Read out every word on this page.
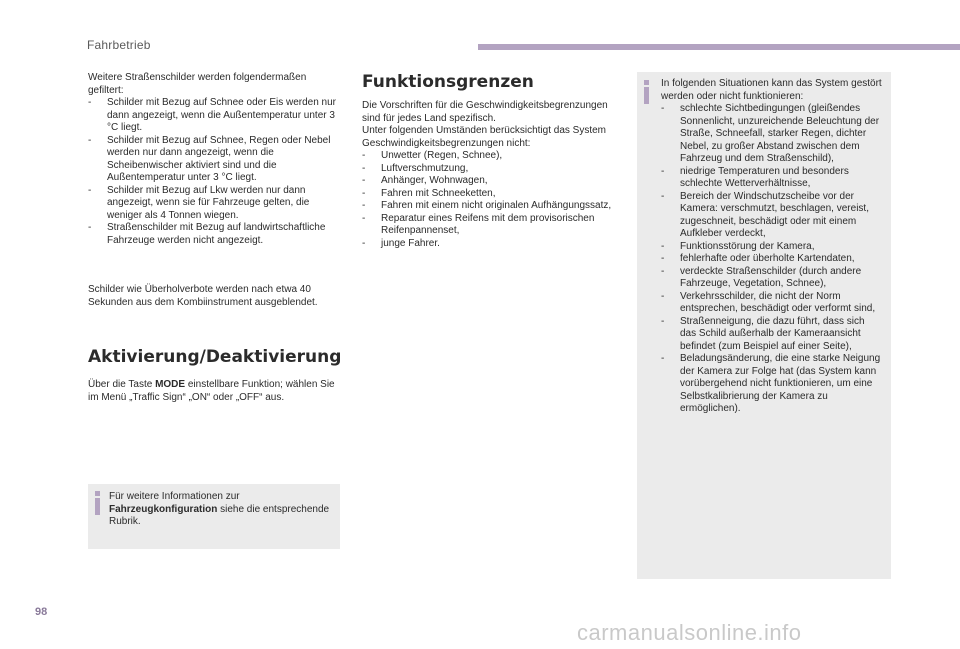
Fahrbetrieb

Weitere Straßenschilder werden folgendermaßen gefiltert:

- Schilder mit Bezug auf Schnee oder Eis werden nur dann angezeigt, wenn die Außentemperatur unter 3 °C liegt.
- Schilder mit Bezug auf Schnee, Regen oder Nebel werden nur dann angezeigt, wenn die Scheibenwischer aktiviert sind und die Außentemperatur unter 3 °C liegt.
- Schilder mit Bezug auf Lkw werden nur dann angezeigt, wenn sie für Fahrzeuge gelten, die weniger als 4 Tonnen wiegen.
- Straßenschilder mit Bezug auf landwirtschaftliche Fahrzeuge werden nicht angezeigt.

Schilder wie Überholverbote werden nach etwa 40 Sekunden aus dem Kombiinstrument ausgeblendet.

Aktivierung/Deaktivierung

Über die Taste MODE einstellbare Funktion; wählen Sie im Menü „Traffic Sign“ „ON“ oder „OFF“ aus.

Für weitere Informationen zur Fahrzeugkonfiguration siehe die entsprechende Rubrik.
Funktionsgrenzen

Die Vorschriften für die Geschwindigkeitsbegrenzungen sind für jedes Land spezifisch.

Unter folgenden Umständen berücksichtigt das System Geschwindigkeitsbegrenzungen nicht:

- Unwetter (Regen, Schnee),
- Luftverschmutzung,
- Anhänger, Wohnwagen,
- Fahren mit Schneeketten,
- Fahren mit einem nicht originalen Aufhängungssatz,
- Reparatur eines Reifens mit dem provisorischen Reifenpannenset,
- junge Fahrer.

In folgenden Situationen kann das System gestört werden oder nicht funktionieren:

- schlechte Sichtbedingungen (gleißendes Sonnenlicht, unzureichende Beleuchtung der Straße, Schneefall, starker Regen, dichter Nebel, zu großer Abstand zwischen dem Fahrzeug und dem Straßenschild),
- niedrige Temperaturen und besonders schlechte Wetterverhältnisse,
- Bereich der Windschutzscheibe vor der Kamera: verschmutzt, beschlagen, vereist, zugeschneit, beschädigt oder mit einem Aufkleber verdeckt,
- Funktionsstörung der Kamera,
- fehlerhafte oder überholte Kartendaten,
- verdeckte Straßenschilder (durch andere Fahrzeuge, Vegetation, Schnee),
- Verkehrsschilder, die nicht der Norm entsprechen, beschädigt oder verformt sind,
- Straßenneigung, die dazu führt, dass sich das Schild außerhalb der Kameraansicht befindet (zum Beispiel auf einer Seite),
- Beladungsänderung, die eine starke Neigung der Kamera zur Folge hat (das System kann vorübergehend nicht funktionieren, um eine Selbstkalibrierung der Kamera zu ermöglichen).
98
carmanualsonline.info
